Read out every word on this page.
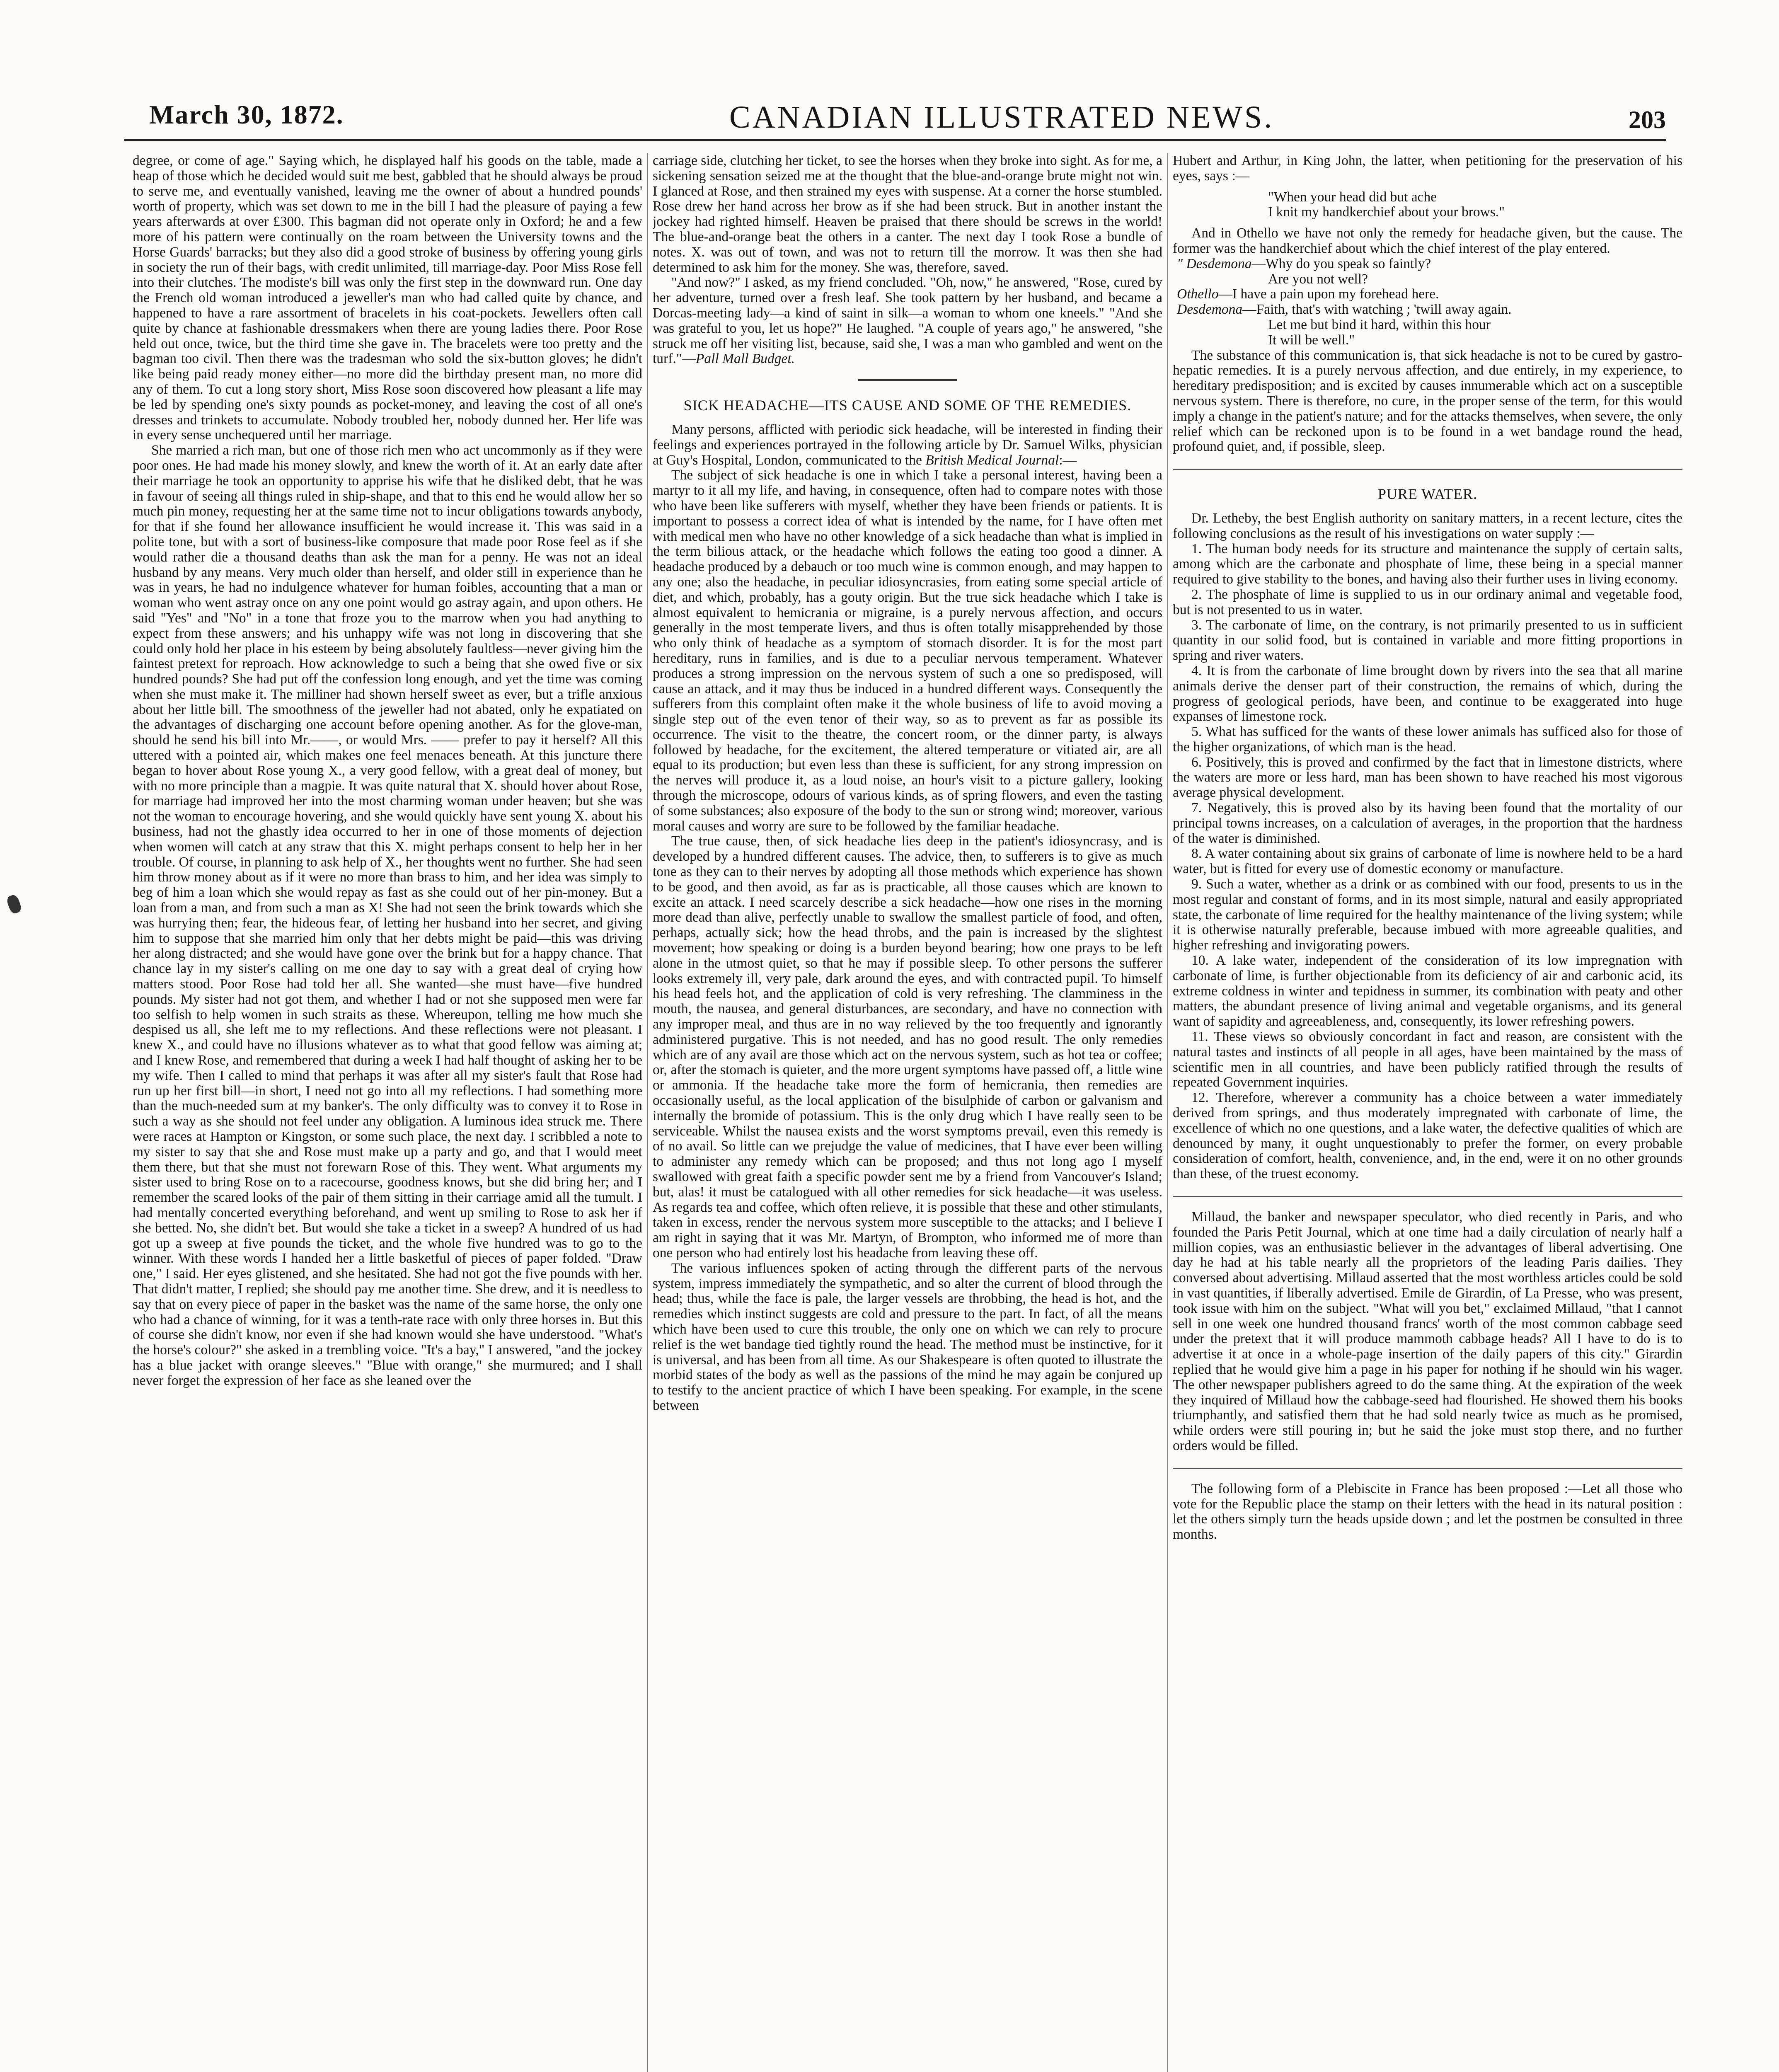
March 30, 1872.	CANADIAN ILLUSTRATED NEWS.	203

degree, or come of age." Saying which, he displayed half his goods on the table, made a heap of those which he decided would suit me best, gabbled that he should always be proud to serve me, and eventually vanished, leaving me the owner of about a hundred pounds' worth of property, which was set down to me in the bill I had the pleasure of paying a few years afterwards at over £300. This bagman did not operate only in Oxford; he and a few more of his pattern were continually on the roam between the University towns and the Horse Guards' barracks; but they also did a good stroke of business by offering young girls in society the run of their bags, with credit unlimited, till marriage-day. Poor Miss Rose fell into their clutches. The modiste's bill was only the first step in the downward run. One day the French old woman introduced a jeweller's man who had called quite by chance, and happened to have a rare assortment of bracelets in his coat-pockets. Jewellers often call quite by chance at fashionable dressmakers when there are young ladies there. Poor Rose held out once, twice, but the third time she gave in. The bracelets were too pretty and the bagman too civil. Then there was the tradesman who sold the six-button gloves; he didn't like being paid ready money either—no more did the birthday present man, no more did any of them. To cut a long story short, Miss Rose soon discovered how pleasant a life may be led by spending one's sixty pounds as pocket-money, and leaving the cost of all one's dresses and trinkets to accumulate. Nobody troubled her, nobody dunned her. Her life was in every sense unchequered until her marriage.

She married a rich man, but one of those rich men who act uncommonly as if they were poor ones. He had made his money slowly, and knew the worth of it. At an early date after their marriage he took an opportunity to apprise his wife that he disliked debt, that he was in favour of seeing all things ruled in ship-shape, and that to this end he would allow her so much pin money, requesting her at the same time not to incur obligations towards anybody, for that if she found her allowance insufficient he would increase it. This was said in a polite tone, but with a sort of business-like composure that made poor Rose feel as if she would rather die a thousand deaths than ask the man for a penny. He was not an ideal husband by any means. Very much older than herself, and older still in experience than he was in years, he had no indulgence whatever for human foibles, accounting that a man or woman who went astray once on any one point would go astray again, and upon others. He said "Yes" and "No" in a tone that froze you to the marrow when you had anything to expect from these answers; and his unhappy wife was not long in discovering that she could only hold her place in his esteem by being absolutely faultless—never giving him the faintest pretext for reproach. How acknowledge to such a being that she owed five or six hundred pounds? She had put off the confession long enough, and yet the time was coming when she must make it. The milliner had shown herself sweet as ever, but a trifle anxious about her little bill. The smoothness of the jeweller had not abated, only he expatiated on the advantages of discharging one account before opening another. As for the glove-man, should he send his bill into Mr.——, or would Mrs. —— prefer to pay it herself? All this uttered with a pointed air, which makes one feel menaces beneath. At this juncture there began to hover about Rose young X., a very good fellow, with a great deal of money, but with no more principle than a magpie. It was quite natural that X. should hover about Rose, for marriage had improved her into the most charming woman under heaven; but she was not the woman to encourage hovering, and she would quickly have sent young X. about his business, had not the ghastly idea occurred to her in one of those moments of dejection when women will catch at any straw that this X. might perhaps consent to help her in her trouble. Of course, in planning to ask help of X., her thoughts went no further. She had seen him throw money about as if it were no more than brass to him, and her idea was simply to beg of him a loan which she would repay as fast as she could out of her pin-money. But a loan from a man, and from such a man as X! She had not seen the brink towards which she was hurrying then; fear, the hideous fear, of letting her husband into her secret, and giving him to suppose that she married him only that her debts might be paid—this was driving her along distracted; and she would have gone over the brink but for a happy chance. That chance lay in my sister's calling on me one day to say with a great deal of crying how matters stood. Poor Rose had told her all. She wanted—she must have—five hundred pounds. My sister had not got them, and whether I had or not she supposed men were far too selfish to help women in such straits as these. Whereupon, telling me how much she despised us all, she left me to my reflections. And these reflections were not pleasant. I knew X., and could have no illusions whatever as to what that good fellow was aiming at; and I knew Rose, and remembered that during a week I had half thought of asking her to be my wife. Then I called to mind that perhaps it was after all my sister's fault that Rose had run up her first bill—in short, I need not go into all my reflections. I had something more than the much-needed sum at my banker's. The only difficulty was to convey it to Rose in such a way as she should not feel under any obligation. A luminous idea struck me. There were races at Hampton or Kingston, or some such place, the next day. I scribbled a note to my sister to say that she and Rose must make up a party and go, and that I would meet them there, but that she must not forewarn Rose of this. They went. What arguments my sister used to bring Rose on to a racecourse, goodness knows, but she did bring her; and I remember the scared looks of the pair of them sitting in their carriage amid all the tumult. I had mentally concerted everything beforehand, and went up smiling to Rose to ask her if she betted. No, she didn't bet. But would she take a ticket in a sweep? A hundred of us had got up a sweep at five pounds the ticket, and the whole five hundred was to go to the winner. With these words I handed her a little basketful of pieces of paper folded. "Draw one," I said. Her eyes glistened, and she hesitated. She had not got the five pounds with her. That didn't matter, I replied; she should pay me another time. She drew, and it is needless to say that on every piece of paper in the basket was the name of the same horse, the only one who had a chance of winning, for it was a tenth-rate race with only three horses in. But this of course she didn't know, nor even if she had known would she have understood. "What's the horse's colour?" she asked in a trembling voice. "It's a bay," I answered, "and the jockey has a blue jacket with orange sleeves." "Blue with orange," she murmured; and I shall never forget the expression of her face as she leaned over the

carriage side, clutching her ticket, to see the horses when they broke into sight. As for me, a sickening sensation seized me at the thought that the blue-and-orange brute might not win. I glanced at Rose, and then strained my eyes with suspense. At a corner the horse stumbled. Rose drew her hand across her brow as if she had been struck. But in another instant the jockey had righted himself. Heaven be praised that there should be screws in the world! The blue-and-orange beat the others in a canter. The next day I took Rose a bundle of notes. X. was out of town, and was not to return till the morrow. It was then she had determined to ask him for the money. She was, therefore, saved.

"And now?" I asked, as my friend concluded. "Oh, now," he answered, "Rose, cured by her adventure, turned over a fresh leaf. She took pattern by her husband, and became a Dorcas-meeting lady—a kind of saint in silk—a woman to whom one kneels." "And she was grateful to you, let us hope?" He laughed. "A couple of years ago," he answered, "she struck me off her visiting list, because, said she, I was a man who gambled and went on the turf."—Pall Mall Budget.

SICK HEADACHE—ITS CAUSE AND SOME OF THE REMEDIES.

Many persons, afflicted with periodic sick headache, will be interested in finding their feelings and experiences portrayed in the following article by Dr. Samuel Wilks, physician at Guy's Hospital, London, communicated to the British Medical Journal:—

The subject of sick headache is one in which I take a personal interest, having been a martyr to it all my life, and having, in consequence, often had to compare notes with those who have been like sufferers with myself, whether they have been friends or patients. It is important to possess a correct idea of what is intended by the name, for I have often met with medical men who have no other knowledge of a sick headache than what is implied in the term bilious attack, or the headache which follows the eating too good a dinner. A headache produced by a debauch or too much wine is common enough, and may happen to any one; also the headache, in peculiar idiosyncrasies, from eating some special article of diet, and which, probably, has a gouty origin. But the true sick headache which I take is almost equivalent to hemicrania or migraine, is a purely nervous affection, and occurs generally in the most temperate livers, and thus is often totally misapprehended by those who only think of headache as a symptom of stomach disorder. It is for the most part hereditary, runs in families, and is due to a peculiar nervous temperament. Whatever produces a strong impression on the nervous system of such a one so predisposed, will cause an attack, and it may thus be induced in a hundred different ways. Consequently the sufferers from this complaint often make it the whole business of life to avoid moving a single step out of the even tenor of their way, so as to prevent as far as possible its occurrence. The visit to the theatre, the concert room, or the dinner party, is always followed by headache, for the excitement, the altered temperature or vitiated air, are all equal to its production; but even less than these is sufficient, for any strong impression on the nerves will produce it, as a loud noise, an hour's visit to a picture gallery, looking through the microscope, odours of various kinds, as of spring flowers, and even the tasting of some substances; also exposure of the body to the sun or strong wind; moreover, various moral causes and worry are sure to be followed by the familiar headache.

The true cause, then, of sick headache lies deep in the patient's idiosyncrasy, and is developed by a hundred different causes. The advice, then, to sufferers is to give as much tone as they can to their nerves by adopting all those methods which experience has shown to be good, and then avoid, as far as is practicable, all those causes which are known to excite an attack. I need scarcely describe a sick headache—how one rises in the morning more dead than alive, perfectly unable to swallow the smallest particle of food, and often, perhaps, actually sick; how the head throbs, and the pain is increased by the slightest movement; how speaking or doing is a burden beyond bearing; how one prays to be left alone in the utmost quiet, so that he may if possible sleep. To other persons the sufferer looks extremely ill, very pale, dark around the eyes, and with contracted pupil. To himself his head feels hot, and the application of cold is very refreshing. The clamminess in the mouth, the nausea, and general disturbances, are secondary, and have no connection with any improper meal, and thus are in no way relieved by the too frequently and ignorantly administered purgative. This is not needed, and has no good result. The only remedies which are of any avail are those which act on the nervous system, such as hot tea or coffee; or, after the stomach is quieter, and the more urgent symptoms have passed off, a little wine or ammonia. If the headache take more the form of hemicrania, then remedies are occasionally useful, as the local application of the bisulphide of carbon or galvanism and internally the bromide of potassium. This is the only drug which I have really seen to be serviceable. Whilst the nausea exists and the worst symptoms prevail, even this remedy is of no avail. So little can we prejudge the value of medicines, that I have ever been willing to administer any remedy which can be proposed; and thus not long ago I myself swallowed with great faith a specific powder sent me by a friend from Vancouver's Island; but, alas! it must be catalogued with all other remedies for sick headache—it was useless. As regards tea and coffee, which often relieve, it is possible that these and other stimulants, taken in excess, render the nervous system more susceptible to the attacks; and I believe I am right in saying that it was Mr. Martyn, of Brompton, who informed me of more than one person who had entirely lost his headache from leaving these off.

The various influences spoken of acting through the different parts of the nervous system, impress immediately the sympathetic, and so alter the current of blood through the head; thus, while the face is pale, the larger vessels are throbbing, the head is hot, and the remedies which instinct suggests are cold and pressure to the part. In fact, of all the means which have been used to cure this trouble, the only one on which we can rely to procure relief is the wet bandage tied tightly round the head. The method must be instinctive, for it is universal, and has been from all time. As our Shakespeare is often quoted to illustrate the morbid states of the body as well as the passions of the mind he may again be conjured up to testify to the ancient practice of which I have been speaking. For example, in the scene between

Hubert and Arthur, in King John, the latter, when petitioning for the preservation of his eyes, says :—

"When your head did but ache
I knit my handkerchief about your brows."

And in Othello we have not only the remedy for headache given, but the cause. The former was the handkerchief about which the chief interest of the play entered.

" Desdemona—Why do you speak so faintly?

Are you not well?

Othello—I have a pain upon my forehead here.

Desdemona—Faith, that's with watching ; 'twill away again.

Let me but bind it hard, within this hour

It will be well."

The substance of this communication is, that sick headache is not to be cured by gastro-hepatic remedies. It is a purely nervous affection, and due entirely, in my experience, to hereditary predisposition; and is excited by causes innumerable which act on a susceptible nervous system. There is therefore, no cure, in the proper sense of the term, for this would imply a change in the patient's nature; and for the attacks themselves, when severe, the only relief which can be reckoned upon is to be found in a wet bandage round the head, profound quiet, and, if possible, sleep.

PURE WATER.

Dr. Letheby, the best English authority on sanitary matters, in a recent lecture, cites the following conclusions as the result of his investigations on water supply :—

1. The human body needs for its structure and maintenance the supply of certain salts, among which are the carbonate and phosphate of lime, these being in a special manner required to give stability to the bones, and having also their further uses in living economy.

2. The phosphate of lime is supplied to us in our ordinary animal and vegetable food, but is not presented to us in water.

3. The carbonate of lime, on the contrary, is not primarily presented to us in sufficient quantity in our solid food, but is contained in variable and more fitting proportions in spring and river waters.

4. It is from the carbonate of lime brought down by rivers into the sea that all marine animals derive the denser part of their construction, the remains of which, during the progress of geological periods, have been, and continue to be exaggerated into huge expanses of limestone rock.

5. What has sufficed for the wants of these lower animals has sufficed also for those of the higher organizations, of which man is the head.

6. Positively, this is proved and confirmed by the fact that in limestone districts, where the waters are more or less hard, man has been shown to have reached his most vigorous average physical development.

7. Negatively, this is proved also by its having been found that the mortality of our principal towns increases, on a calculation of averages, in the proportion that the hardness of the water is diminished.

8. A water containing about six grains of carbonate of lime is nowhere held to be a hard water, but is fitted for every use of domestic economy or manufacture.

9. Such a water, whether as a drink or as combined with our food, presents to us in the most regular and constant of forms, and in its most simple, natural and easily appropriated state, the carbonate of lime required for the healthy maintenance of the living system; while it is otherwise naturally preferable, because imbued with more agreeable qualities, and higher refreshing and invigorating powers.

10. A lake water, independent of the consideration of its low impregnation with carbonate of lime, is further objectionable from its deficiency of air and carbonic acid, its extreme coldness in winter and tepidness in summer, its combination with peaty and other matters, the abundant presence of living animal and vegetable organisms, and its general want of sapidity and agreeableness, and, consequently, its lower refreshing powers.

11. These views so obviously concordant in fact and reason, are consistent with the natural tastes and instincts of all people in all ages, have been maintained by the mass of scientific men in all countries, and have been publicly ratified through the results of repeated Government inquiries.

12. Therefore, wherever a community has a choice between a water immediately derived from springs, and thus moderately impregnated with carbonate of lime, the excellence of which no one questions, and a lake water, the defective qualities of which are denounced by many, it ought unquestionably to prefer the former, on every probable consideration of comfort, health, convenience, and, in the end, were it on no other grounds than these, of the truest economy.

Millaud, the banker and newspaper speculator, who died recently in Paris, and who founded the Paris Petit Journal, which at one time had a daily circulation of nearly half a million copies, was an enthusiastic believer in the advantages of liberal advertising. One day he had at his table nearly all the proprietors of the leading Paris dailies. They conversed about advertising. Millaud asserted that the most worthless articles could be sold in vast quantities, if liberally advertised. Emile de Girardin, of La Presse, who was present, took issue with him on the subject. "What will you bet," exclaimed Millaud, "that I cannot sell in one week one hundred thousand francs' worth of the most common cabbage seed under the pretext that it will produce mammoth cabbage heads? All I have to do is to advertise it at once in a whole-page insertion of the daily papers of this city." Girardin replied that he would give him a page in his paper for nothing if he should win his wager. The other newspaper publishers agreed to do the same thing. At the expiration of the week they inquired of Millaud how the cabbage-seed had flourished. He showed them his books triumphantly, and satisfied them that he had sold nearly twice as much as he promised, while orders were still pouring in; but he said the joke must stop there, and no further orders would be filled.

The following form of a Plebiscite in France has been proposed :—Let all those who vote for the Republic place the stamp on their letters with the head in its natural position : let the others simply turn the heads upside down ; and let the postmen be consulted in three months.
